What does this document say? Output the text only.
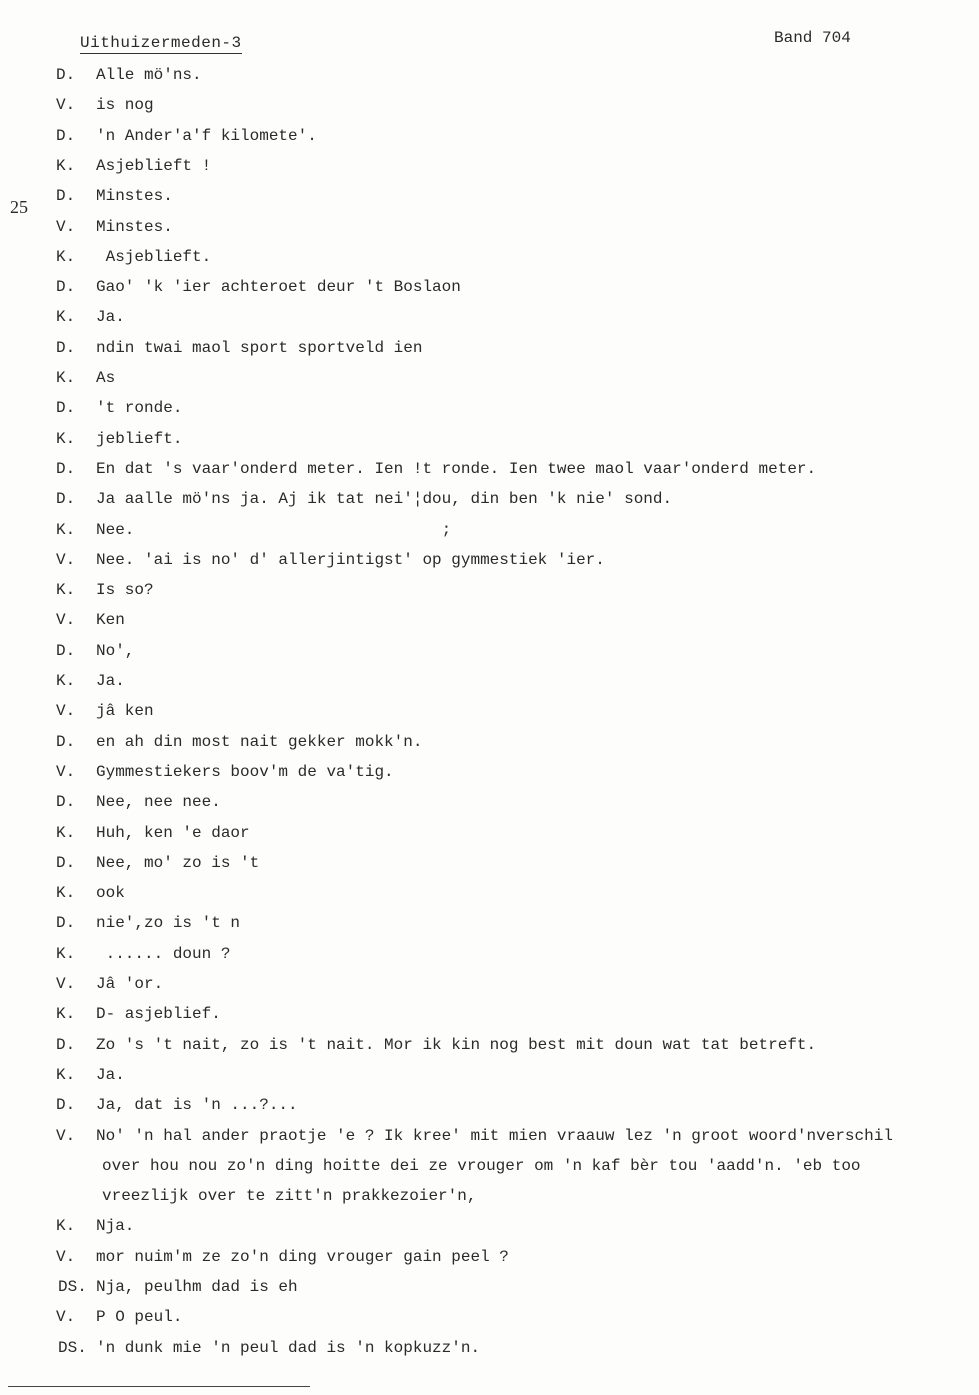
Uithuizermeden-3	Band 704
25
D. Alle mö'ns.
V. is nog
D. 'n Ander'a'f kilomete'.
K. Asjeblieft !
D. Minstes.
V. Minstes.
K. Asjeblieft.
D. Gao' 'k 'ier achteroet deur 't Boslaon
K. Ja.
D. ndin twai maol sport sportveld ien
K. As
D. 't ronde.
K. jeblieft.
D. En dat 's vaar'onderd meter. Ien !t ronde. Ien twee maol vaar'onderd meter.
D. Ja aalle mö'ns ja. Aj ik tat nei'¦dou, din ben 'k nie' sond.
K. Nee.                                ;
V. Nee. 'ai is no' d' allerjintigst' op gymmestiek 'ier.
K. Is so?
V. Ken
D. No',
K. Ja.
V. jâ ken
D. en ah din most nait gekker mokk'n.
V. Gymmestiekers boov'm de va'tig.
D. Nee, nee nee.
K. Huh, ken 'e daor
D. Nee, mo' zo is 't
K. ook
D. nie',zo is 't n
K. ...... doun ?
V. Jâ 'or.
K. D- asjeblief.
D. Zo 's 't nait, zo is 't nait. Mor ik kin nog best mit doun wat tat betreft.
K. Ja.
D. Ja, dat is 'n ...?...
V. No' 'n hal ander praotje 'e ? Ik kree' mit mien vraauw lez 'n groot woord'nverschil
over hou nou zo'n ding hoitte dei ze vrouger om 'n kaf bèr tou 'aadd'n. 'eb too
vreezlijk over te zitt'n prakkezoier'n,
K. Nja.
V. mor nuim'm ze zo'n ding vrouger gain peel ?
DS. Nja, peulhm dad is eh
V. P O peul.
DS. 'n dunk mie 'n peul dad is 'n kopkuzz'n.
